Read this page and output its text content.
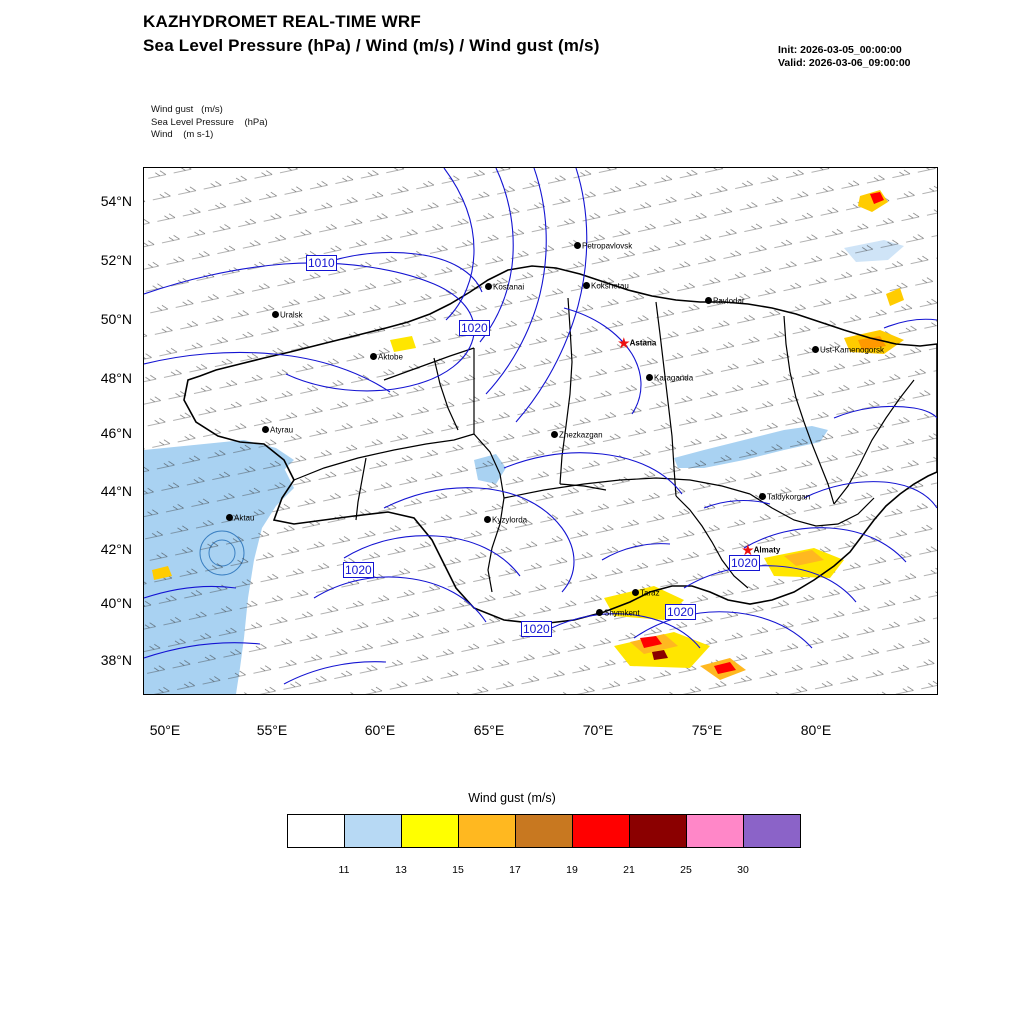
KAZHYDROMET REAL-TIME WRF
Sea Level Pressure (hPa) / Wind (m/s) / Wind gust (m/s)	Init: 2026-03-05_00:00:00
Valid: 2026-03-06_09:00:00
Wind gust   (m/s)
Sea Level Pressure    (hPa)
Wind    (m s-1)
54°N
52°N
50°N
48°N
46°N
44°N
42°N
40°N
38°N
50°E	55°E	60°E	65°E	70°E	75°E	80°E
1010
1020
1020	1020
1020
1020
Petropavlovsk
Kostanai	Kokshetau
Pavlodar
Uralsk
Aktobe
★Astana
Ust-Kamenogorsk
Karaganda
Atyrau
Zhezkazgan
Taldykorgan
Aktau	Kyzylorda
★Almaty
Taraz
Shymkent
Wind gust (m/s)
11	13	15	17	19	21	25	30
